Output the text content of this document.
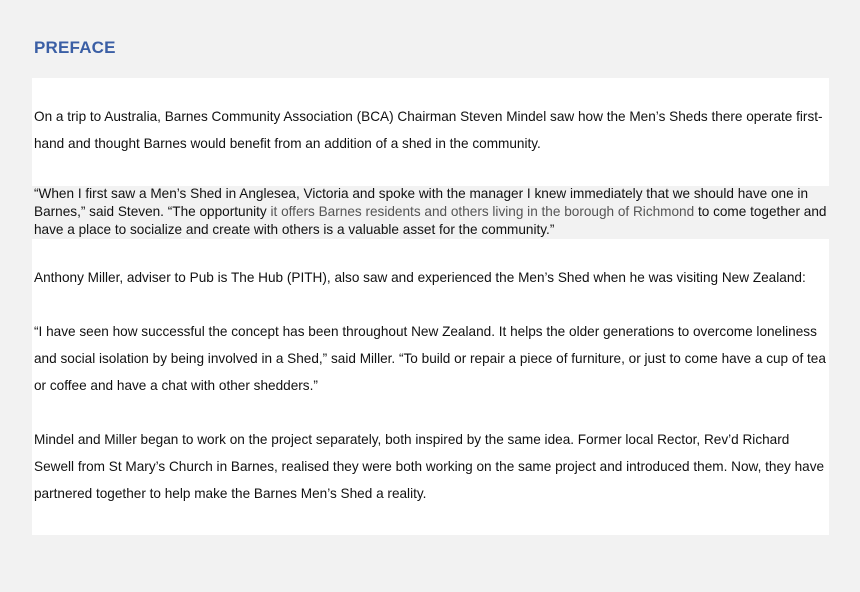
PREFACE

On a trip to Australia, Barnes Community Association (BCA) Chairman Steven Mindel saw how the Men’s Sheds there operate first-hand and thought Barnes would benefit from an addition of a shed in the community.

“When I first saw a Men’s Shed in Anglesea, Victoria and spoke with the manager I knew immediately that we should have one in Barnes,” said Steven. “The opportunity it offers Barnes residents and others living in the borough of Richmond to come together and have a place to socialize and create with others is a valuable asset for the community.”

Anthony Miller, adviser to Pub is The Hub (PITH), also saw and experienced the Men’s Shed when he was visiting New Zealand:

“I have seen how successful the concept has been throughout New Zealand. It helps the older generations to overcome loneliness and social isolation by being involved in a Shed,” said Miller. “To build or repair a piece of furniture, or just to come have a cup of tea or coffee and have a chat with other shedders.”

Mindel and Miller began to work on the project separately, both inspired by the same idea. Former local Rector, Rev’d Richard Sewell from St Mary’s Church in Barnes, realised they were both working on the same project and introduced them. Now, they have partnered together to help make the Barnes Men’s Shed a reality.
